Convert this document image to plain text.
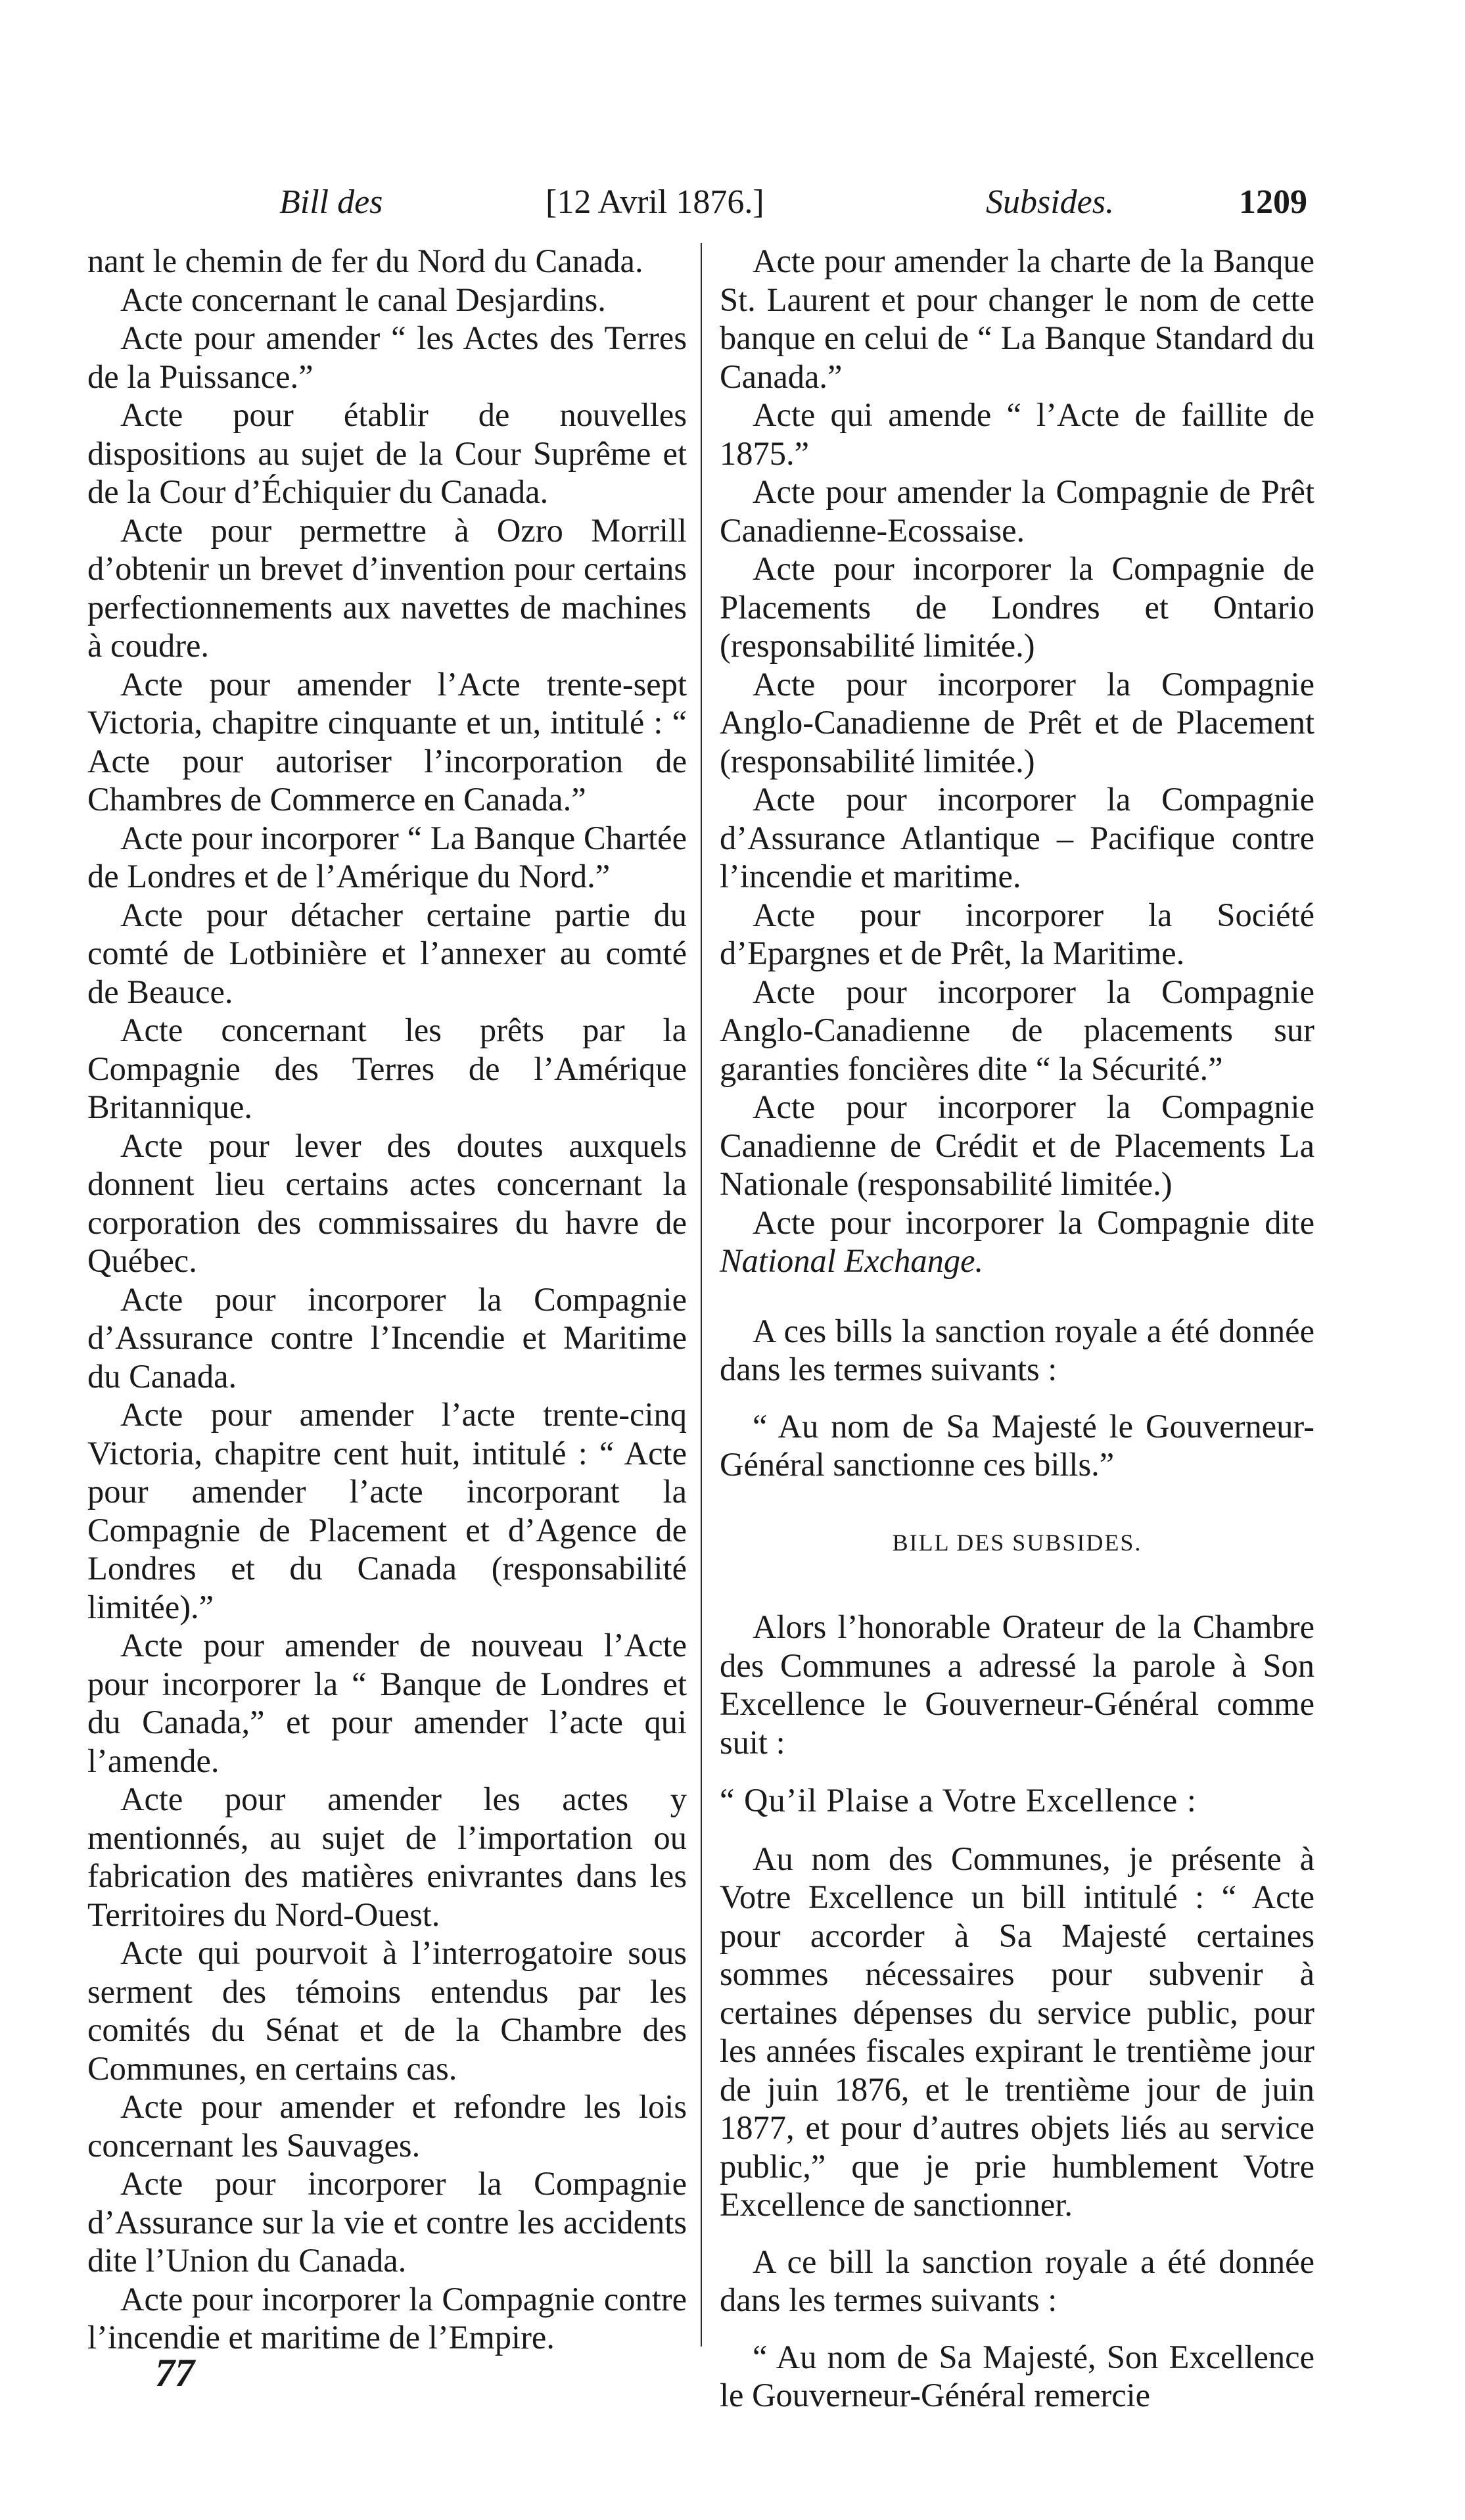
Bill des	[12 Avril 1876.]	Subsides.	1209

nant le chemin de fer du Nord du Canada.

Acte concernant le canal Desjardins.

Acte pour amender “ les Actes des Terres de la Puissance.”

Acte pour établir de nouvelles dispositions au sujet de la Cour Suprême et de la Cour d’Échiquier du Canada.

Acte pour permettre à Ozro Morrill d’obtenir un brevet d’invention pour certains perfectionnements aux navettes de machines à coudre.

Acte pour amender l’Acte trente-sept Victoria, chapitre cinquante et un, intitulé : “ Acte pour autoriser l’incorporation de Chambres de Commerce en Canada.”

Acte pour incorporer “ La Banque Chartée de Londres et de l’Amérique du Nord.”

Acte pour détacher certaine partie du comté de Lotbinière et l’annexer au comté de Beauce.

Acte concernant les prêts par la Compagnie des Terres de l’Amérique Britannique.

Acte pour lever des doutes auxquels donnent lieu certains actes concernant la corporation des commissaires du havre de Québec.

Acte pour incorporer la Compagnie d’Assurance contre l’Incendie et Maritime du Canada.

Acte pour amender l’acte trente-cinq Victoria, chapitre cent huit, intitulé : “ Acte pour amender l’acte incorporant la Compagnie de Placement et d’Agence de Londres et du Canada (responsabilité limitée).”

Acte pour amender de nouveau l’Acte pour incorporer la “ Banque de Londres et du Canada,” et pour amender l’acte qui l’amende.

Acte pour amender les actes y mentionnés, au sujet de l’importation ou fabrication des matières enivrantes dans les Territoires du Nord-Ouest.

Acte qui pourvoit à l’interrogatoire sous serment des témoins entendus par les comités du Sénat et de la Chambre des Communes, en certains cas.

Acte pour amender et refondre les lois concernant les Sauvages.

Acte pour incorporer la Compagnie d’Assurance sur la vie et contre les accidents dite l’Union du Canada.

Acte pour incorporer la Compagnie contre l’incendie et maritime de l’Empire.

Acte pour amender la charte de la Banque St. Laurent et pour changer le nom de cette banque en celui de “ La Banque Standard du Canada.”

Acte qui amende “ l’Acte de faillite de 1875.”

Acte pour amender la Compagnie de Prêt Canadienne-Ecossaise.

Acte pour incorporer la Compagnie de Placements de Londres et Ontario (responsabilité limitée.)

Acte pour incorporer la Compagnie Anglo-Canadienne de Prêt et de Placement (responsabilité limitée.)

Acte pour incorporer la Compagnie d’Assurance Atlantique – Pacifique contre l’incendie et maritime.

Acte pour incorporer la Société d’Epargnes et de Prêt, la Maritime.

Acte pour incorporer la Compagnie Anglo-Canadienne de placements sur garanties foncières dite “ la Sécurité.”

Acte pour incorporer la Compagnie Canadienne de Crédit et de Placements La Nationale (responsabilité limitée.)

Acte pour incorporer la Compagnie dite National Exchange.

A ces bills la sanction royale a été donnée dans les termes suivants :

“ Au nom de Sa Majesté le Gouverneur-Général sanctionne ces bills.”

BILL DES SUBSIDES.

Alors l’honorable Orateur de la Chambre des Communes a adressé la parole à Son Excellence le Gouverneur-Général comme suit :

“ Qu’il Plaise a Votre Excellence :

Au nom des Communes, je présente à Votre Excellence un bill intitulé : “ Acte pour accorder à Sa Majesté certaines sommes nécessaires pour subvenir à certaines dépenses du service public, pour les années fiscales expirant le trentième jour de juin 1876, et le trentième jour de juin 1877, et pour d’autres objets liés au service public,” que je prie humblement Votre Excellence de sanctionner.

A ce bill la sanction royale a été donnée dans les termes suivants :

“ Au nom de Sa Majesté, Son Excellence le Gouverneur-Général remercie

77
